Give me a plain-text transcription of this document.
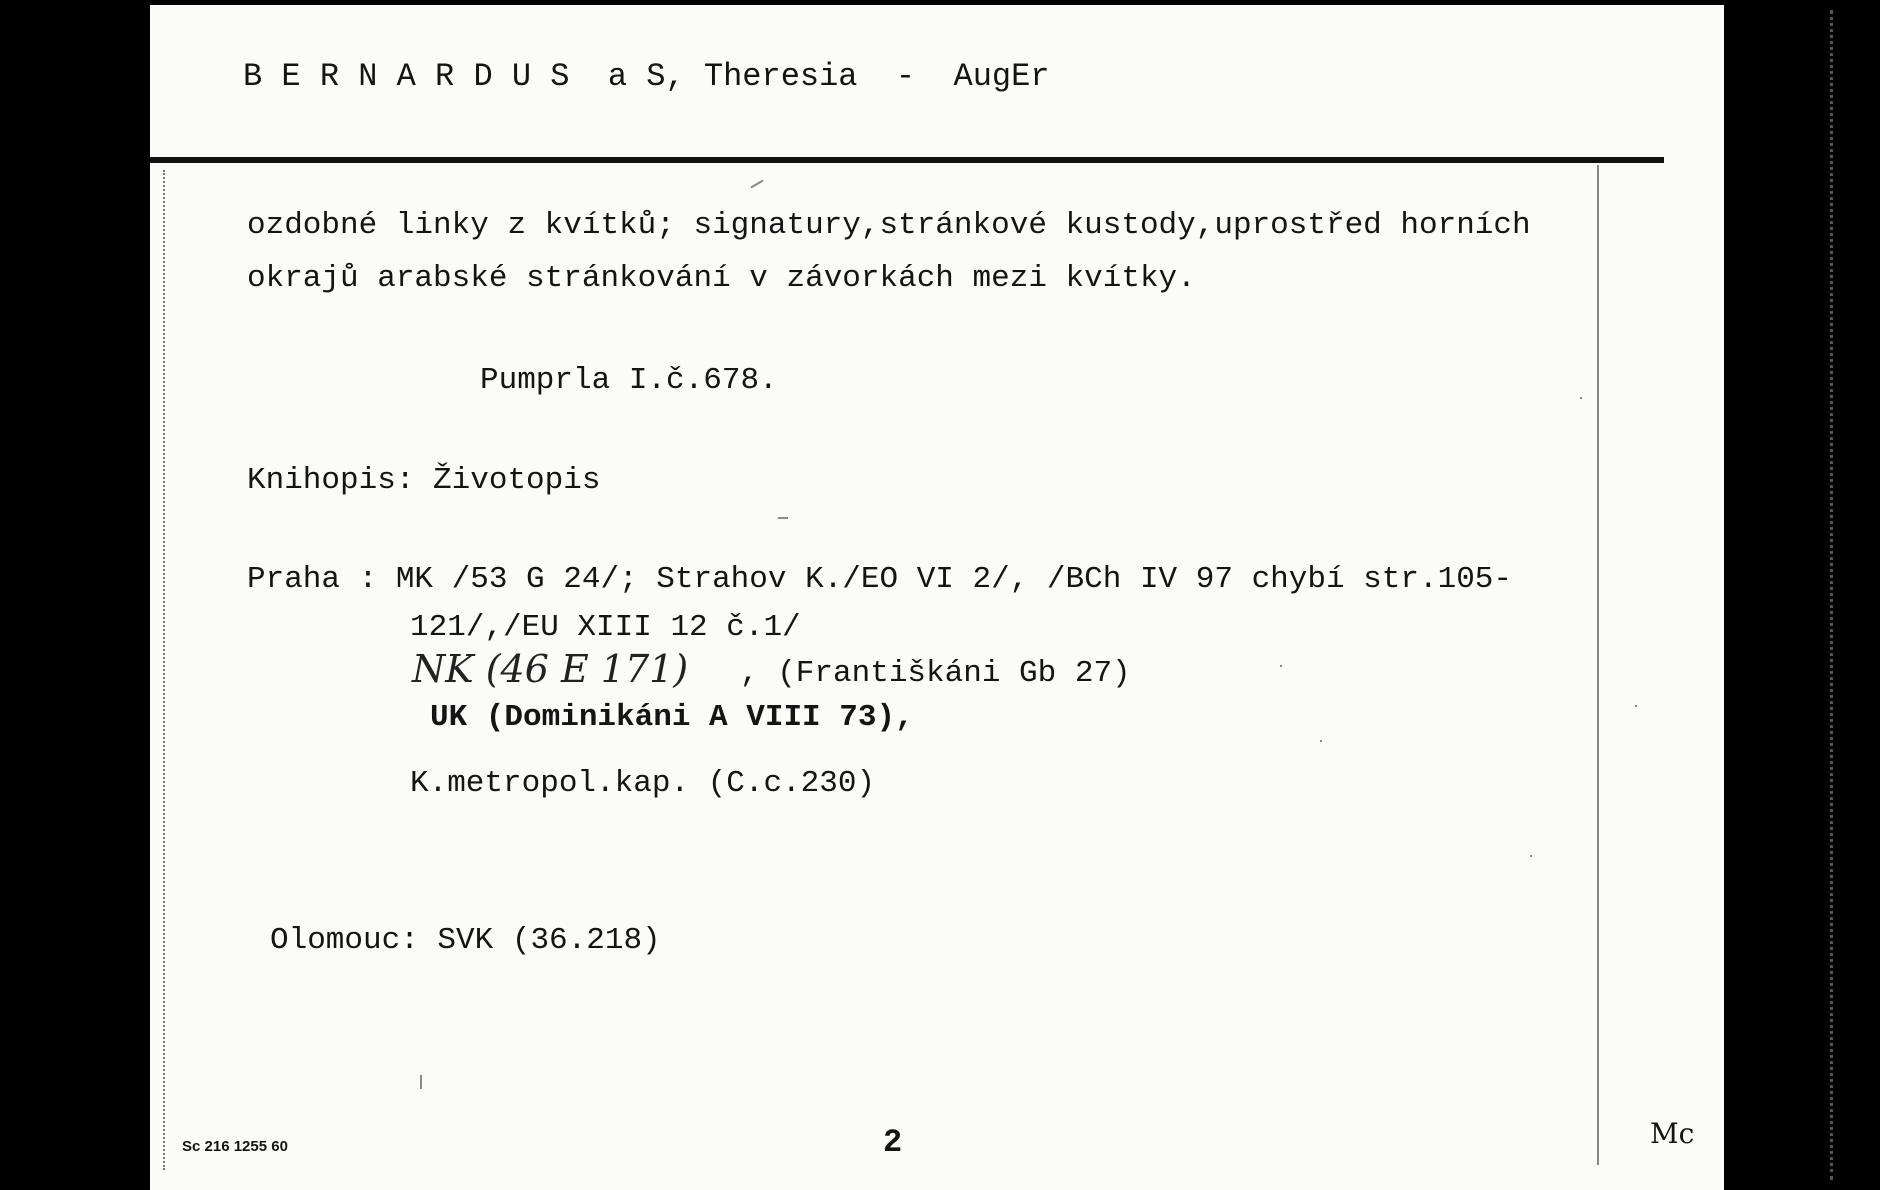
B E R N A R D U S  a S, Theresia  -  AugEr
ozdobné linky z kvítků; signatury,stránkové kustody,uprostřed horních
okrajů arabské stránkování v závorkách mezi kvítky.
Pumprla I.č.678.
Knihopis: Životopis
Praha : MK /53 G 24/; Strahov K./EO VI 2/, /BCh IV 97 chybí str.105-
121/,/EU XIII 12 č.1/
NK (46 E 171) , (Františkáni Gb 27)
UK (Dominikáni A VIII 73),
K.metropol.kap. (C.c.230)
Olomouc: SVK (36.218)
Sc 216 1255 60	2	Mc
